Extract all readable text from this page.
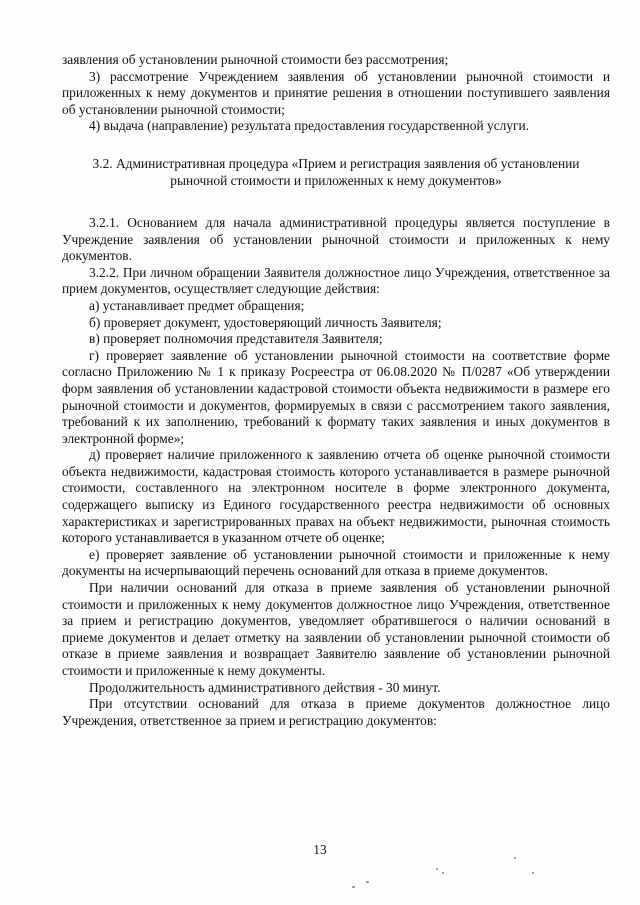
заявления об установлении рыночной стоимости без рассмотрения;

3) рассмотрение Учреждением заявления об установлении рыночной стоимости и приложенных к нему документов и принятие решения в отношении поступившего заявления об установлении рыночной стоимости;

4) выдача (направление) результата предоставления государственной услуги.

3.2. Административная процедура «Прием и регистрация заявления об установлении рыночной стоимости и приложенных к нему документов»

3.2.1. Основанием для начала административной процедуры является поступление в Учреждение заявления об установлении рыночной стоимости и приложенных к нему документов.

3.2.2. При личном обращении Заявителя должностное лицо Учреждения, ответственное за прием документов, осуществляет следующие действия:

а) устанавливает предмет обращения;

б) проверяет документ, удостоверяющий личность Заявителя;

в) проверяет полномочия представителя Заявителя;

г) проверяет заявление об установлении рыночной стоимости на соответствие форме согласно Приложению № 1 к приказу Росреестра от 06.08.2020 № П/0287 «Об утверждении форм заявления об установлении кадастровой стоимости объекта недвижимости в размере его рыночной стоимости и документов, формируемых в связи с рассмотрением такого заявления, требований к их заполнению, требований к формату таких заявления и иных документов в электронной форме»;

д) проверяет наличие приложенного к заявлению отчета об оценке рыночной стоимости объекта недвижимости, кадастровая стоимость которого устанавливается в размере рыночной стоимости, составленного на электронном носителе в форме электронного документа, содержащего выписку из Единого государственного реестра недвижимости об основных характеристиках и зарегистрированных правах на объект недвижимости, рыночная стоимость которого устанавливается в указанном отчете об оценке;

е) проверяет заявление об установлении рыночной стоимости и приложенные к нему документы на исчерпывающий перечень оснований для отказа в приеме документов.

При наличии оснований для отказа в приеме заявления об установлении рыночной стоимости и приложенных к нему документов должностное лицо Учреждения, ответственное за прием и регистрацию документов, уведомляет обратившегося о наличии оснований в приеме документов и делает отметку на заявлении об установлении рыночной стоимости об отказе в приеме заявления и возвращает Заявителю заявление об установлении рыночной стоимости и приложенные к нему документы.

Продолжительность административного действия - 30 минут.

При отсутствии оснований для отказа в приеме документов должностное лицо Учреждения, ответственное за прием и регистрацию документов:

13
